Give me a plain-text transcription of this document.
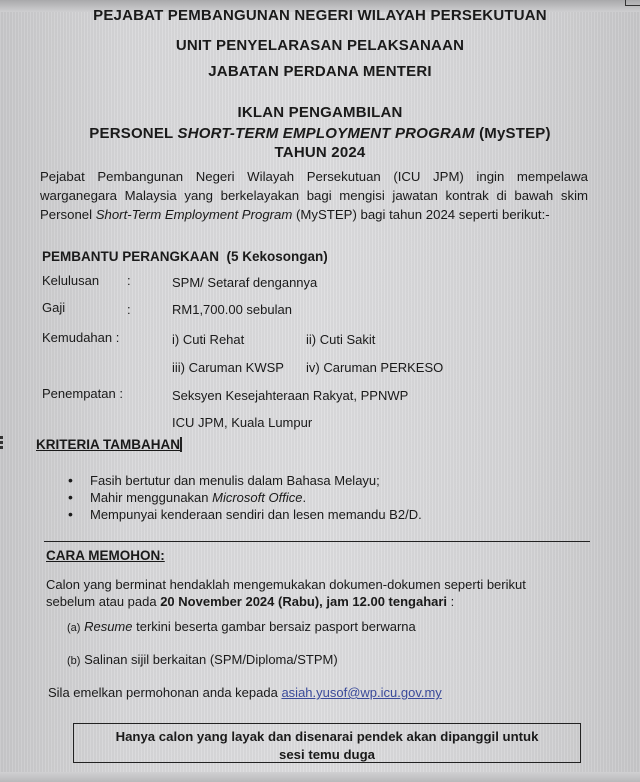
PEJABAT PEMBANGUNAN NEGERI WILAYAH PERSEKUTUAN
UNIT PENYELARASAN PELAKSANAAN
JABATAN PERDANA MENTERI
IKLAN PENGAMBILAN
PERSONEL SHORT-TERM EMPLOYMENT PROGRAM (MySTEP)
TAHUN 2024
Pejabat Pembangunan Negeri Wilayah Persekutuan (ICU JPM) ingin mempelawa warganegara Malaysia yang berkelayakan bagi mengisi jawatan kontrak di bawah skim Personel Short-Term Employment Program (MySTEP) bagi tahun 2024 seperti berikut:-
PEMBANTU PERANGKAAN (5 Kekosongan)
Kelulusan :	SPM/ Setaraf dengannya
Gaji	:	RM1,700.00 sebulan
Kemudahan :	i) Cuti Rehat	ii) Cuti Sakit
iii) Caruman KWSP iv) Caruman PERKESO
Penempatan :	Seksyen Kesejahteraan Rakyat, PPNWP
ICU JPM, Kuala Lumpur
KRITERIA TAMBAHAN
• Fasih bertutur dan menulis dalam Bahasa Melayu;
• Mahir menggunakan Microsoft Office.
• Mempunyai kenderaan sendiri dan lesen memandu B2/D.
CARA MEMOHON:
Calon yang berminat hendaklah mengemukakan dokumen-dokumen seperti berikut
sebelum atau pada 20 November 2024 (Rabu), jam 12.00 tengahari :
(a) Resume terkini beserta gambar bersaiz pasport berwarna
(b) Salinan sijil berkaitan (SPM/Diploma/STPM)
Sila emelkan permohonan anda kepada asiah.yusof@wp.icu.gov.my
Hanya calon yang layak dan disenarai pendek akan dipanggil untuk
sesi temu duga
